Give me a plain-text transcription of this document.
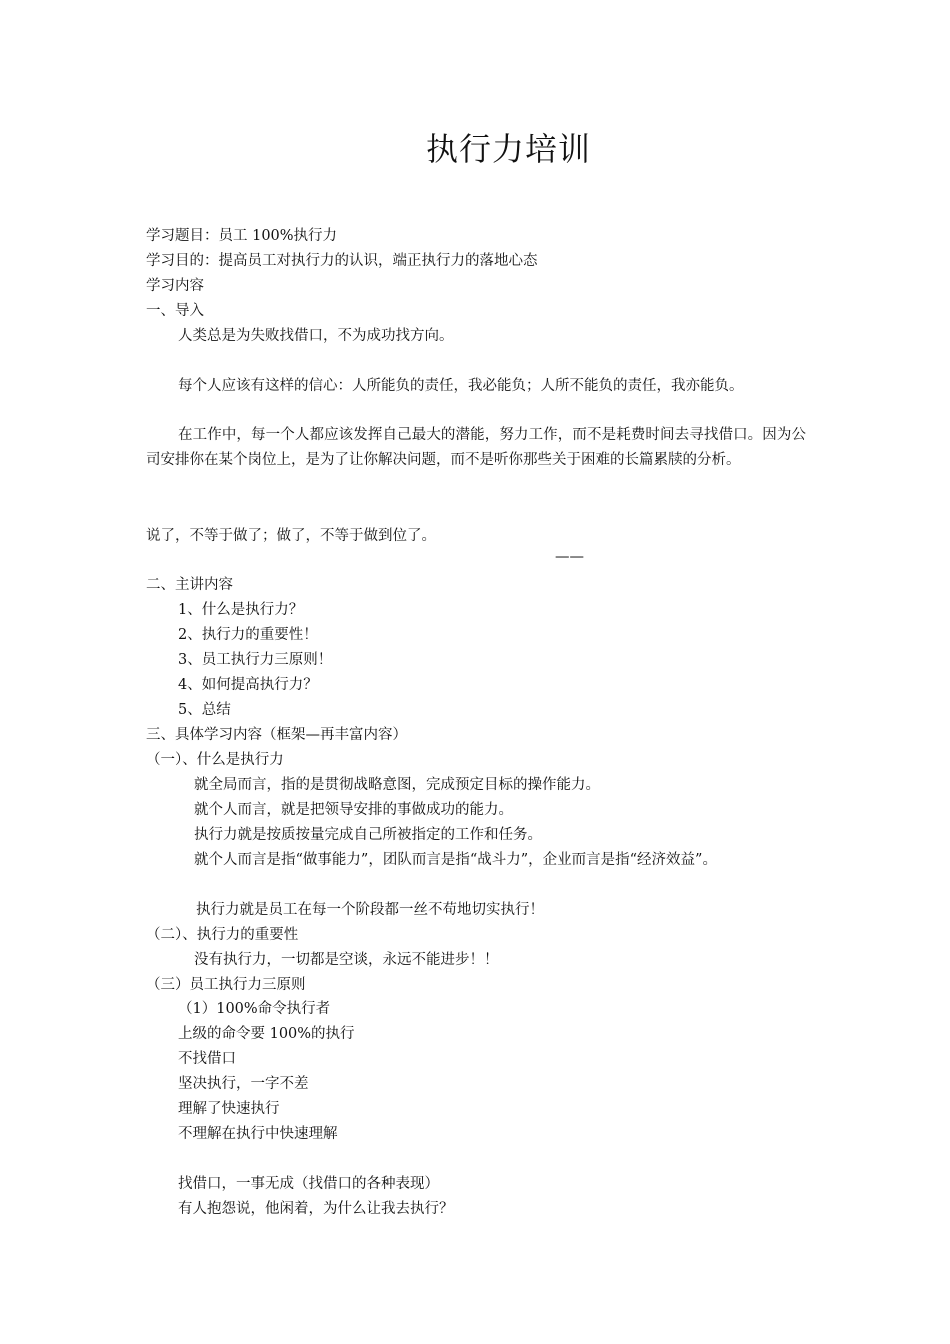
执行力培训
学习题目：员工 100%执行力
学习目的：提高员工对执行力的认识，端正执行力的落地心态
学习内容
一、导入
人类总是为失败找借口，不为成功找方向。
每个人应该有这样的信心：人所能负的责任，我必能负；人所不能负的责任，我亦能负。
在工作中，每一个人都应该发挥自己最大的潜能，努力工作，而不是耗费时间去寻找借口。因为公司安排你在某个岗位上，是为了让你解决问题，而不是听你那些关于困难的长篇累牍的分析。
说了，不等于做了；做了，不等于做到位了。
——
二、主讲内容
1、什么是执行力？
2、执行力的重要性！
3、员工执行力三原则！
4、如何提高执行力？
5、总结
三、具体学习内容（框架—再丰富内容）
（一）、什么是执行力
就全局而言，指的是贯彻战略意图，完成预定目标的操作能力。
就个人而言，就是把领导安排的事做成功的能力。
执行力就是按质按量完成自己所被指定的工作和任务。
就个人而言是指“做事能力”，团队而言是指“战斗力”，企业而言是指“经济效益”。
执行力就是员工在每一个阶段都一丝不苟地切实执行！
（二）、执行力的重要性
没有执行力，一切都是空谈，永远不能进步！！
（三）员工执行力三原则
（1）100%命令执行者
上级的命令要 100%的执行
不找借口
坚决执行，一字不差
理解了快速执行
不理解在执行中快速理解
找借口，一事无成（找借口的各种表现）
有人抱怨说，他闲着，为什么让我去执行？
